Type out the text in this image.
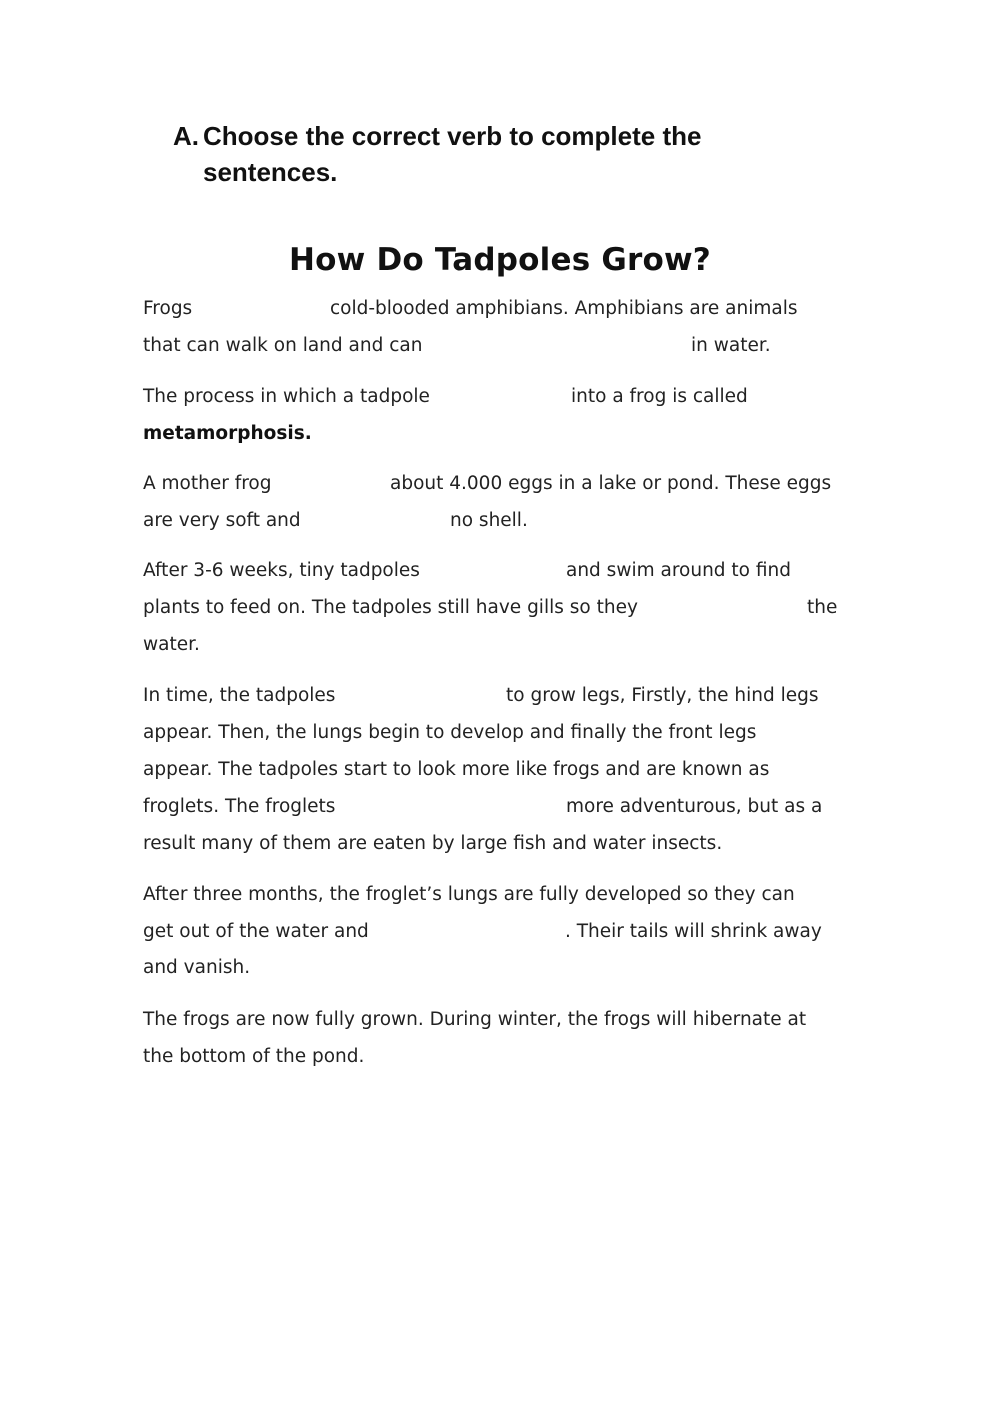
A. Choose the correct verb to complete the
sentences.
How Do Tadpoles Grow?
Frogs	cold-blooded amphibians. Amphibians are animals
that can walk on land and can	in water.
The process in which a tadpole	into a frog is called
metamorphosis.
A mother frog	about 4.000 eggs in a lake or pond. These eggs
are very soft and	no shell.
After 3-6 weeks, tiny tadpoles	and swim around to find
plants to feed on. The tadpoles still have gills so they	the
water.
In time, the tadpoles	to grow legs, Firstly, the hind legs
appear. Then, the lungs begin to develop and finally the front legs
appear. The tadpoles start to look more like frogs and are known as
froglets. The froglets	more adventurous, but as a
result many of them are eaten by large fish and water insects.
After three months, the froglet’s lungs are fully developed so they can
get out of the water and	. Their tails will shrink away
and vanish.
The frogs are now fully grown. During winter, the frogs will hibernate at
the bottom of the pond.
